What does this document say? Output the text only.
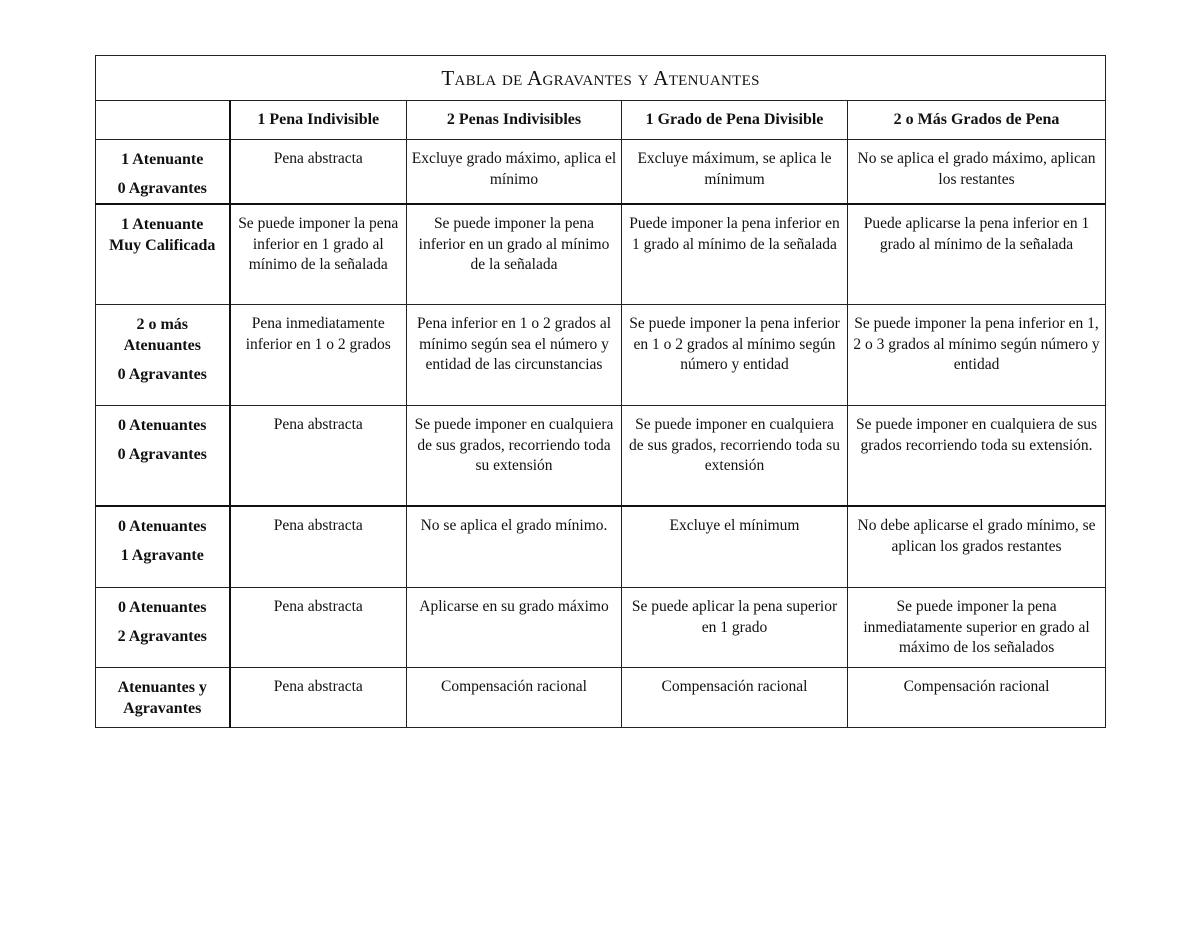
Tabla de Agravantes y Atenuantes				
	1 Pena Indivisible	2 Penas Indivisibles	1 Grado de Pena Divisible	2 o Más Grados de Pena

1 Atenuante
0 Agravantes	Pena abstracta	Excluye grado máximo, aplica el mínimo	Excluye máximum, se aplica le mínimum	No se aplica el grado máximo, aplican los restantes

1 Atenuante
Muy Calificada	Se puede imponer la pena inferior en 1 grado al mínimo de la señalada	Se puede imponer la pena inferior en un grado al mínimo de la señalada	Puede imponer la pena inferior en 1 grado al mínimo de la señalada	Puede aplicarse la pena inferior en 1 grado al mínimo de la señalada

2 o más Atenuantes
0 Agravantes	Pena inmediatamente inferior en 1 o 2 grados	Pena inferior en 1 o 2 grados al mínimo según sea el número y entidad de las circunstancias	Se puede imponer la pena inferior en 1 o 2 grados al mínimo según número y entidad	Se puede imponer la pena inferior en 1, 2 o 3 grados al mínimo según número y entidad

0 Atenuantes
0 Agravantes	Pena abstracta	Se puede imponer en cualquiera de sus grados, recorriendo toda su extensión	Se puede imponer en cualquiera de sus grados, recorriendo toda su extensión	Se puede imponer en cualquiera de sus grados recorriendo toda su extensión.

0 Atenuantes
1 Agravante	Pena abstracta	No se aplica el grado mínimo.	Excluye el mínimum	No debe aplicarse el grado mínimo, se aplican los grados restantes

0 Atenuantes
2 Agravantes	Pena abstracta	Aplicarse en su grado máximo	Se puede aplicar la pena superior en 1 grado	Se puede imponer la pena inmediatamente superior en grado al máximo de los señalados

Atenuantes y Agravantes	Pena abstracta	Compensación racional	Compensación racional	Compensación racional
